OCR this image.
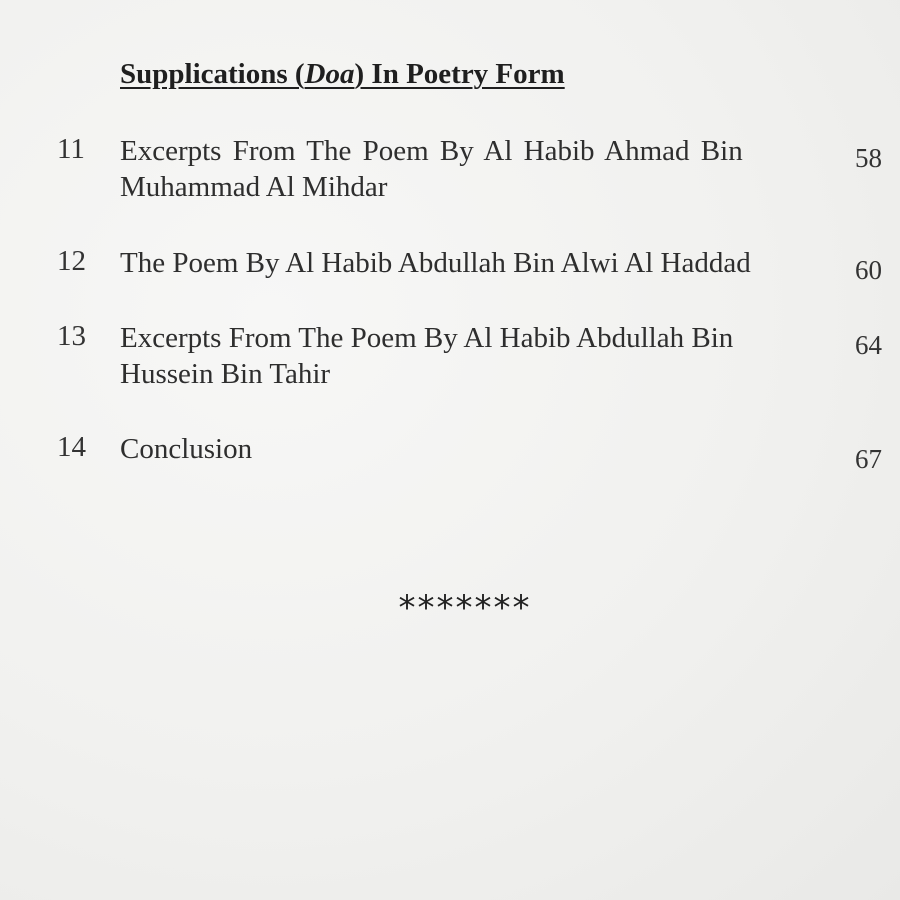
Supplications (Doa) In Poetry Form
11 Excerpts From The Poem By Al Habib Ahmad Bin
Muhammad Al Mihdar
58
12 The Poem By Al Habib Abdullah Bin Alwi Al Haddad	60
13 Excerpts From The Poem By Al Habib Abdullah Bin
Hussein Bin Tahir
64
14 Conclusion	67
*******
